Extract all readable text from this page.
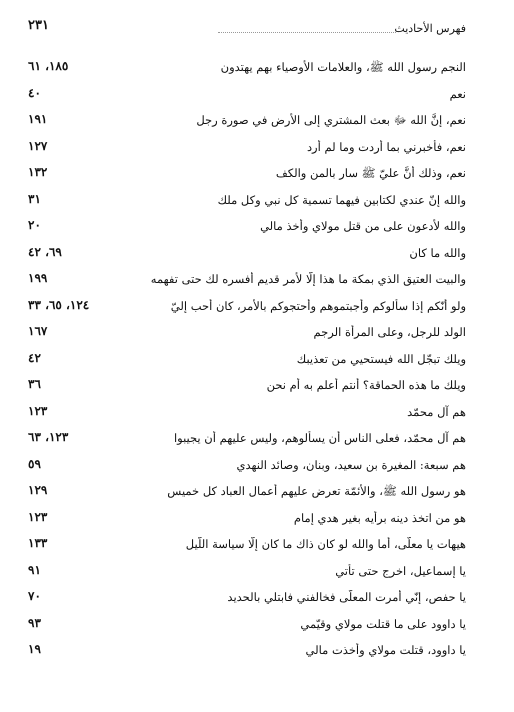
٢٣١	فهرس الأحاديث
النجم رسول الله ﷺ، والعلامات الأوصياء بهم يهتدون
١٨٥، ٦١
نعم
٤٠
نعم، إنَّ الله ﷻ بعث المشتري إلى الأرض في صورة رجل
١٩١
نعم، فأخبرني بما أردت وما لم أرد
١٢٧
نعم، وذلك أنَّ عليّ ﷺ سار بالمن والكف
١٣٢
والله إنّ عندي لكتابين فيهما تسمية كل نبي وكل ملك
٣١
والله لأدعون على من قتل مولاي وأخذ مالي
٢٠
والله ما كان
٦٩، ٤٢
والبيت العتيق الذي بمكة ما هذا إلّا لأمر قديم أفسره لك حتى تفهمه
١٩٩
ولو أنّكم إذا سألوكم وأجبتموهم وأحتجوكم بالأمر، كان أحب إليّ
١٢٤، ٦٥، ٣٣
الولد للرجل، وعلى المرأة الرجم
١٦٧
ويلك تبجّل الله فيستحيي من تعذيبك
٤٢
ويلك ما هذه الحماقة؟ أنتم أعلم به أم نحن
٣٦
هم آل محمّد
١٢٣
هم آل محمّد، فعلى الناس أن يسألوهم، وليس عليهم أن يجيبوا
١٢٣، ٦٣
هم سبعة: المغيرة بن سعيد، وبنان، وصائد النهدي
٥٩
هو رسول الله ﷺ، والأئمّة تعرض عليهم أعمال العباد كل خميس
١٢٩
هو من اتخذ دينه برأيه بغير هدي إمام
١٢٣
هيهات يا معلّى، أما والله لو كان ذاك ما كان إلّا سياسة اللّيل
١٣٣
يا إسماعيل، اخرج حتى تأتي
٩١
يا حفص، إنّي أمرت المعلّى فخالفني فابتلي بالحديد
٧٠
يا داوود على ما قتلت مولاي وقيّمي
٩٣
يا داوود، قتلت مولاي وأخذت مالي
١٩
